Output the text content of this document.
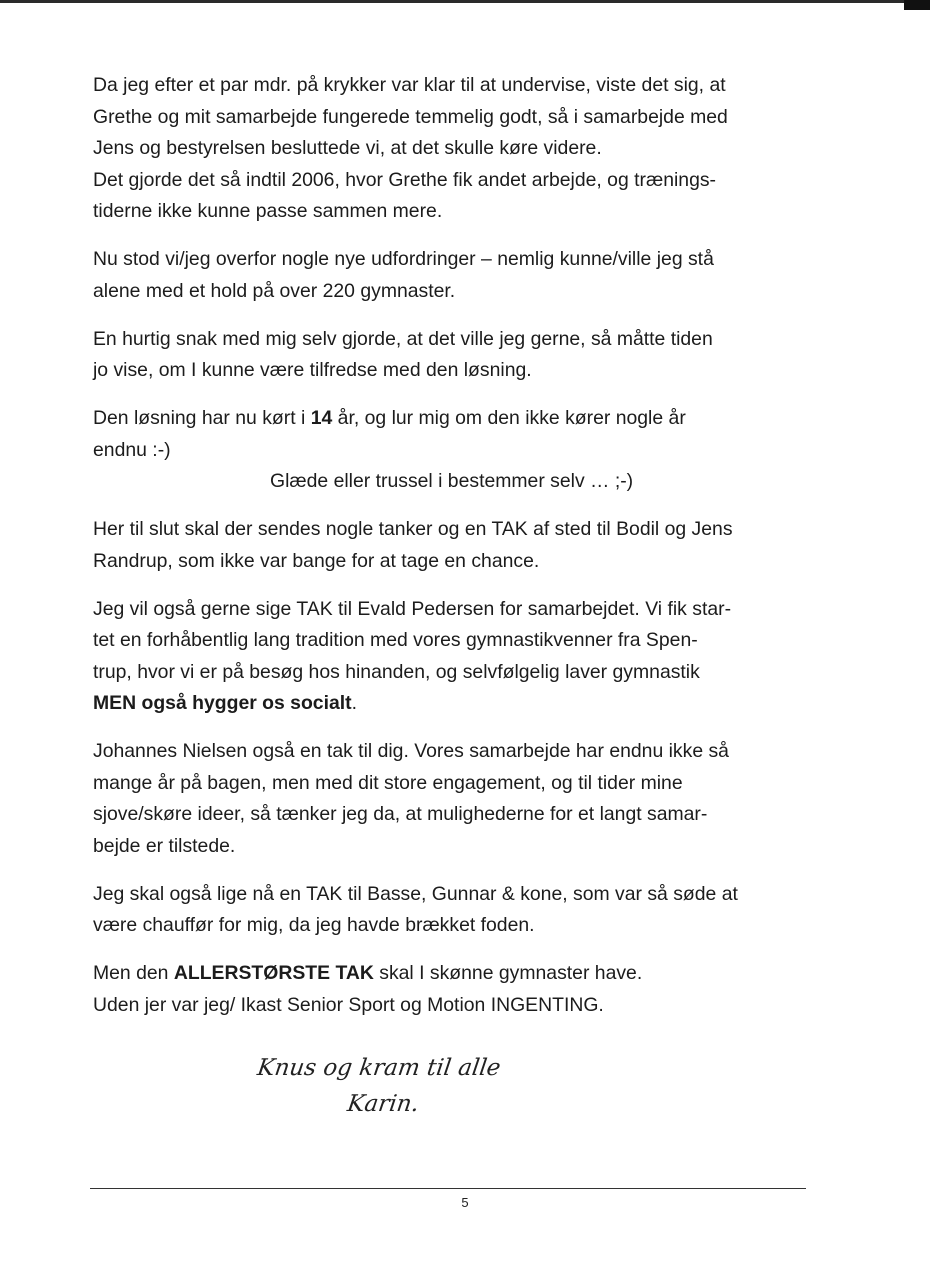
Da jeg efter et par mdr. på krykker var klar til at undervise, viste det sig, at
Grethe og mit samarbejde fungerede temmelig godt, så i samarbejde med
Jens og bestyrelsen besluttede vi, at det skulle køre videre.
Det gjorde det så indtil 2006, hvor Grethe fik andet arbejde, og trænings-
tiderne ikke kunne passe sammen mere.
Nu stod vi/jeg overfor nogle nye udfordringer – nemlig kunne/ville jeg stå
alene med et hold på over 220 gymnaster.
En hurtig snak med mig selv gjorde, at det ville jeg gerne, så måtte tiden
jo vise, om I kunne være tilfredse med den løsning.
Den løsning har nu kørt i 14 år, og lur mig om den ikke kører nogle år
endnu :-)
Glæde eller trussel i bestemmer selv … ;-)
Her til slut skal der sendes nogle tanker og en TAK af sted til Bodil og Jens
Randrup, som ikke var bange for at tage en chance.
Jeg vil også gerne sige TAK til Evald Pedersen for samarbejdet. Vi fik star-
tet en forhåbentlig lang tradition med vores gymnastikvenner fra Spen-
trup, hvor vi er på besøg hos hinanden, og selvfølgelig laver gymnastik
MEN også hygger os socialt.
Johannes Nielsen også en tak til dig. Vores samarbejde har endnu ikke så
mange år på bagen, men med dit store engagement, og til tider mine
sjove/skøre ideer, så tænker jeg da, at mulighederne for et langt samar-
bejde er tilstede.
Jeg skal også lige nå en TAK til Basse, Gunnar & kone, som var så søde at
være chauffør for mig, da jeg havde brækket foden.
Men den ALLERSTØRSTE TAK skal I skønne gymnaster have.
Uden jer var jeg/ Ikast Senior Sport og Motion INGENTING.
Knus og kram til alle
Karin.
5
